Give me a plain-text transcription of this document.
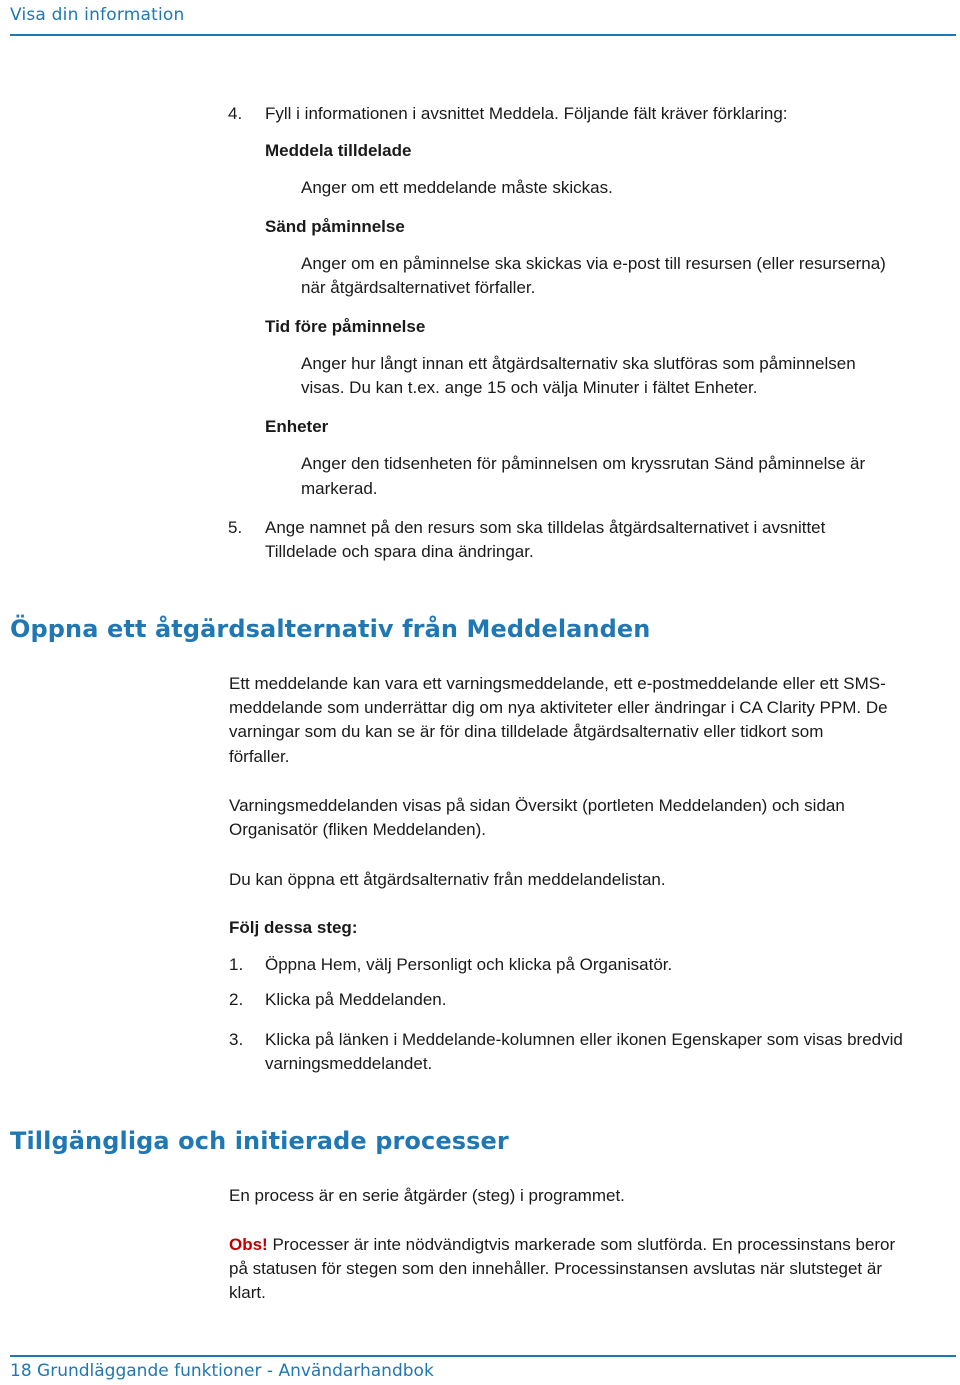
Visa din information
4. Fyll i informationen i avsnittet Meddela. Följande fält kräver förklaring:
Meddela tilldelade
Anger om ett meddelande måste skickas.
Sänd påminnelse
Anger om en påminnelse ska skickas via e-post till resursen (eller resurserna)
när åtgärdsalternativet förfaller.
Tid före påminnelse
Anger hur långt innan ett åtgärdsalternativ ska slutföras som påminnelsen
visas. Du kan t.ex. ange 15 och välja Minuter i fältet Enheter.
Enheter
Anger den tidsenheten för påminnelsen om kryssrutan Sänd påminnelse är
markerad.
5. Ange namnet på den resurs som ska tilldelas åtgärdsalternativet i avsnittet
Tilldelade och spara dina ändringar.
Öppna ett åtgärdsalternativ från Meddelanden
Ett meddelande kan vara ett varningsmeddelande, ett e-postmeddelande eller ett SMS-
meddelande som underrättar dig om nya aktiviteter eller ändringar i CA Clarity PPM. De
varningar som du kan se är för dina tilldelade åtgärdsalternativ eller tidkort som
förfaller.
Varningsmeddelanden visas på sidan Översikt (portleten Meddelanden) och sidan
Organisatör (fliken Meddelanden).
Du kan öppna ett åtgärdsalternativ från meddelandelistan.
Följ dessa steg:
1. Öppna Hem, välj Personligt och klicka på Organisatör.
2. Klicka på Meddelanden.
3. Klicka på länken i Meddelande-kolumnen eller ikonen Egenskaper som visas bredvid
varningsmeddelandet.
Tillgängliga och initierade processer
En process är en serie åtgärder (steg) i programmet.
Obs! Processer är inte nödvändigtvis markerade som slutförda. En processinstans beror
på statusen för stegen som den innehåller. Processinstansen avslutas när slutsteget är
klart.
18 Grundläggande funktioner - Användarhandbok
